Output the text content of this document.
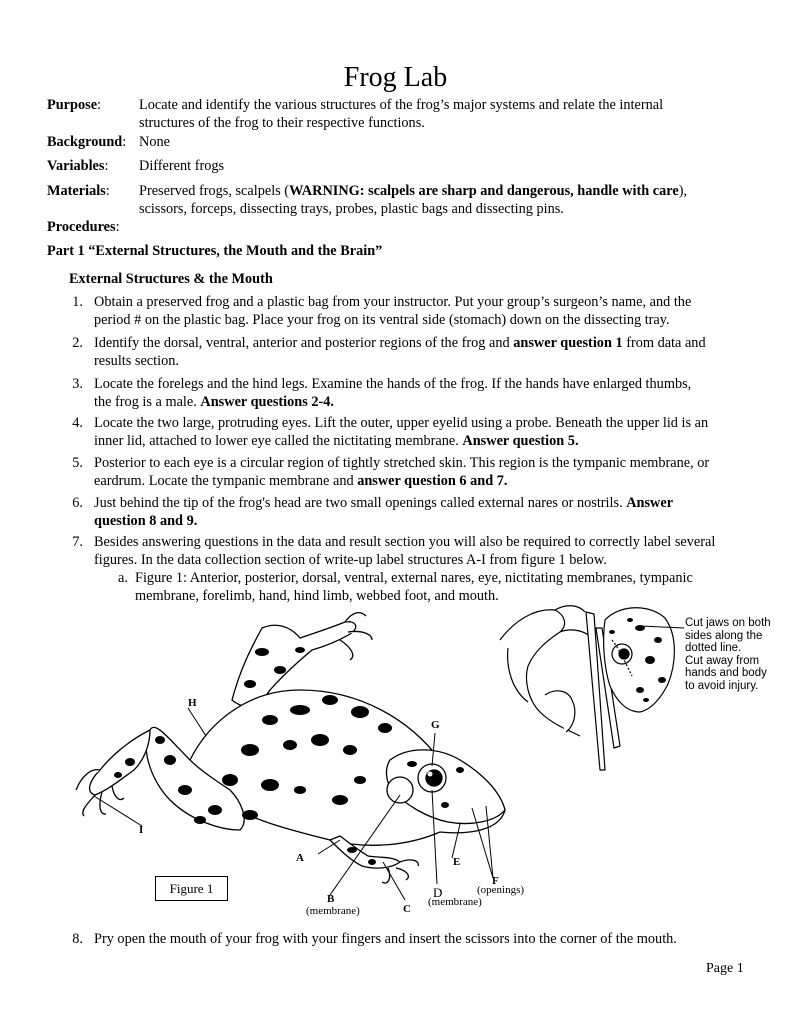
Frog Lab
Purpose:	Locate and identify the various structures of the frog’s major systems and relate the internal
structures of the frog to their respective functions.
Background: None
Variables: Different frogs
Materials: Preserved frogs, scalpels (WARNING: scalpels are sharp and dangerous, handle with care),
scissors, forceps, dissecting trays, probes, plastic bags and dissecting pins.
Procedures:
Part 1 “External Structures, the Mouth and the Brain”
External Structures & the Mouth
1. Obtain a preserved frog and a plastic bag from your instructor. Put your group’s surgeon’s name, and the
period # on the plastic bag. Place your frog on its ventral side (stomach) down on the dissecting tray.
2. Identify the dorsal, ventral, anterior and posterior regions of the frog and answer question 1 from data and
results section.
3. Locate the forelegs and the hind legs. Examine the hands of the frog. If the hands have enlarged thumbs,
the frog is a male. Answer questions 2-4.
4. Locate the two large, protruding eyes. Lift the outer, upper eyelid using a probe. Beneath the upper lid is an
inner lid, attached to lower eye called the nictitating membrane. Answer question 5.
5. Posterior to each eye is a circular region of tightly stretched skin. This region is the tympanic membrane, or
eardrum. Locate the tympanic membrane and answer question 6 and 7.
6. Just behind the tip of the frog's head are two small openings called external nares or nostrils. Answer
question 8 and 9.
7. Besides answering questions in the data and result section you will also be required to correctly label several
figures. In the data collection section of write-up label structures A-I from figure 1 below.
a. Figure 1: Anterior, posterior, dorsal, ventral, external nares, eye, nictitating membranes, tympanic
membrane, forelimb, hand, hind limb, webbed foot, and mouth.
H
I
A
B
(membrane)	C
D
(membrane)
E
F
(openings)
G
Figure 1
Cut jaws on both
sides along the
dotted line.
Cut away from
hands and body
to avoid injury.
8. Pry open the mouth of your frog with your fingers and insert the scissors into the corner of the mouth.
Page 1
